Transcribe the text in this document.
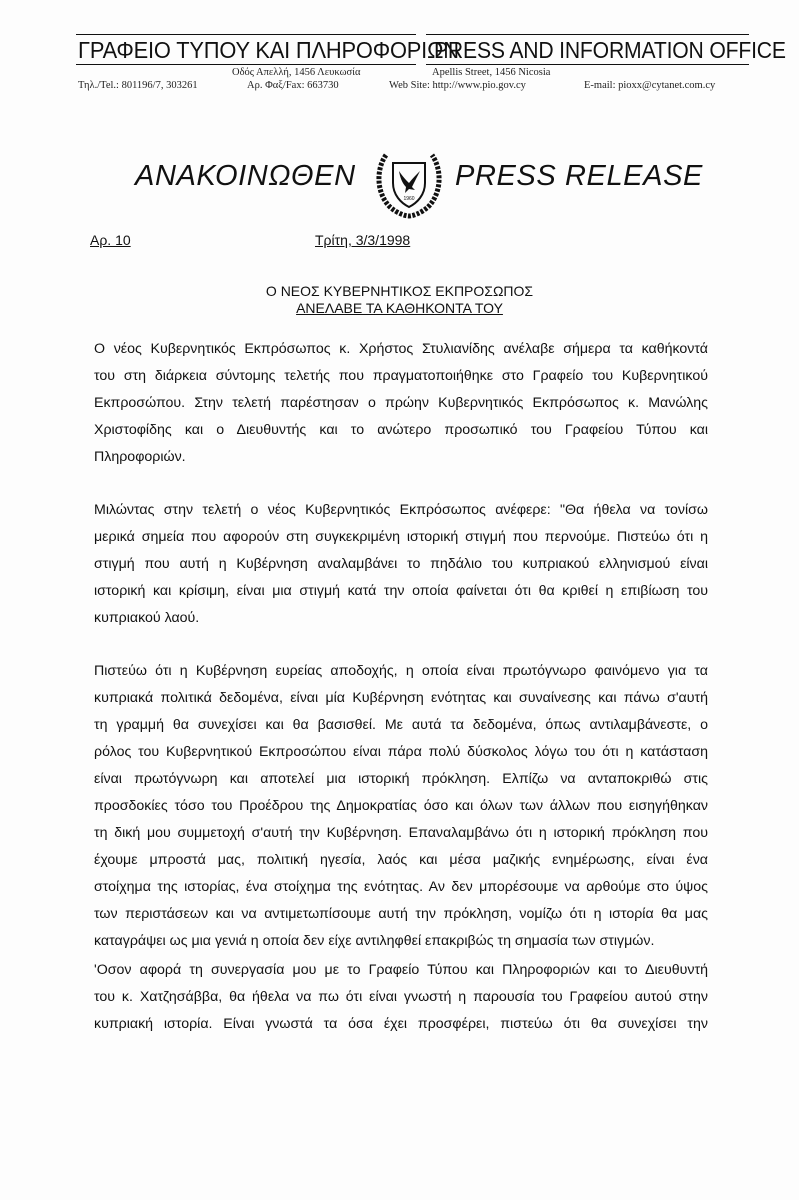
ΓΡΑΦΕΙΟ ΤΥΠΟΥ ΚΑΙ ΠΛΗΡΟΦΟΡΙΩΝ
PRESS AND INFORMATION OFFICE
Οδός Απελλή, 1456 Λευκωσία	Apellis Street, 1456 Nicosia
Τηλ./Tel.: 801196/7, 303261	Αρ. Φαξ/Fax: 663730	Web Site: http://www.pio.gov.cy	E-mail: pioxx@cytanet.com.cy
ΑΝΑΚΟΙΝΩΘΕΝ
1960
PRESS RELEASE
Αρ. 10	Τρίτη, 3/3/1998
Ο ΝΕΟΣ ΚΥΒΕΡΝΗΤΙΚΟΣ ΕΚΠΡΟΣΩΠΟΣ
ΑΝΕΛΑΒΕ ΤΑ ΚΑΘΗΚΟΝΤΑ ΤΟΥ
Ο νέος Κυβερνητικός Εκπρόσωπος κ. Χρήστος Στυλιανίδης ανέλαβε σήμερα τα καθήκοντά
του στη διάρκεια σύντομης τελετής που πραγματοποιήθηκε στο Γραφείο του Κυβερνητικού
Εκπροσώπου. Στην τελετή παρέστησαν ο πρώην Κυβερνητικός Εκπρόσωπος κ. Μανώλης
Χριστοφίδης και ο Διευθυντής και το ανώτερο προσωπικό του Γραφείου Τύπου και
Πληροφοριών.
Μιλώντας στην τελετή ο νέος Κυβερνητικός Εκπρόσωπος ανέφερε: "Θα ήθελα να τονίσω
μερικά σημεία που αφορούν στη συγκεκριμένη ιστορική στιγμή που περνούμε. Πιστεύω ότι η
στιγμή που αυτή η Κυβέρνηση αναλαμβάνει το πηδάλιο του κυπριακού ελληνισμού είναι
ιστορική και κρίσιμη, είναι μια στιγμή κατά την οποία φαίνεται ότι θα κριθεί η επιβίωση του
κυπριακού λαού.
Πιστεύω ότι η Κυβέρνηση ευρείας αποδοχής, η οποία είναι πρωτόγνωρο φαινόμενο για τα
κυπριακά πολιτικά δεδομένα, είναι μία Κυβέρνηση ενότητας και συναίνεσης και πάνω σ'αυτή
τη γραμμή θα συνεχίσει και θα βασισθεί. Με αυτά τα δεδομένα, όπως αντιλαμβάνεστε, ο
ρόλος του Κυβερνητικού Εκπροσώπου είναι πάρα πολύ δύσκολος λόγω του ότι η κατάσταση
είναι πρωτόγνωρη και αποτελεί μια ιστορική πρόκληση. Ελπίζω να ανταποκριθώ στις
προσδοκίες τόσο του Προέδρου της Δημοκρατίας όσο και όλων των άλλων που εισηγήθηκαν
τη δική μου συμμετοχή σ'αυτή την Κυβέρνηση. Επαναλαμβάνω ότι η ιστορική πρόκληση που
έχουμε μπροστά μας, πολιτική ηγεσία, λαός και μέσα μαζικής ενημέρωσης, είναι ένα
στοίχημα της ιστορίας, ένα στοίχημα της ενότητας. Αν δεν μπορέσουμε να αρθούμε στο ύψος
των περιστάσεων και να αντιμετωπίσουμε αυτή την πρόκληση, νομίζω ότι η ιστορία θα μας
καταγράψει ως μια γενιά η οποία δεν είχε αντιληφθεί επακριβώς τη σημασία των στιγμών.
'Οσον αφορά τη συνεργασία μου με το Γραφείο Τύπου και Πληροφοριών και το Διευθυντή
του κ. Χατζησάββα, θα ήθελα να πω ότι είναι γνωστή η παρουσία του Γραφείου αυτού στην
κυπριακή ιστορία. Είναι γνωστά τα όσα έχει προσφέρει, πιστεύω ότι θα συνεχίσει την
